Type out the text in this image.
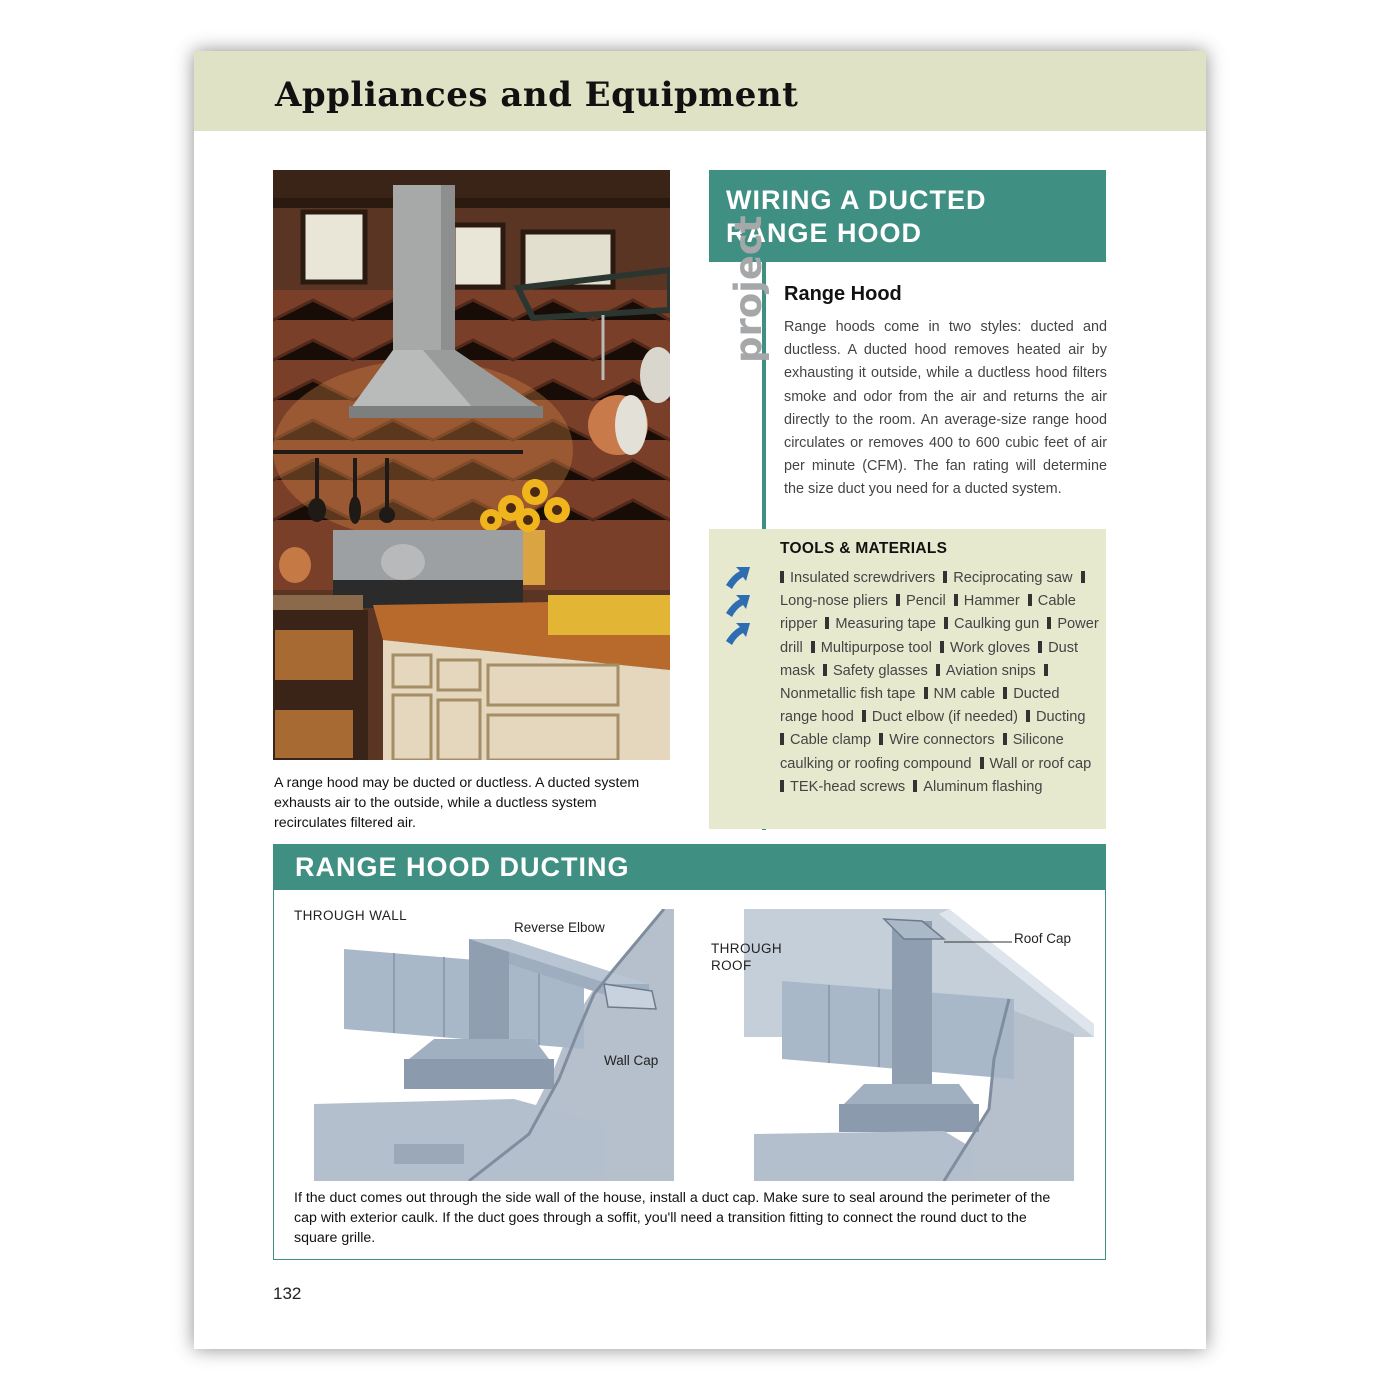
Appliances and Equipment
A range hood may be ducted or ductless. A ducted system exhausts air to the outside, while a ductless system recirculates filtered air.
WIRING A DUCTED
RANGE HOOD
project Range Hood
Range hoods come in two styles: ducted and ductless. A ducted hood removes heated air by exhausting it outside, while a ductless hood filters smoke and odor from the air and returns the air directly to the room. An average-size range hood circulates or removes 400 to 600 cubic feet of air per minute (CFM). The fan rating will determine the size duct you need for a ducted system.
TOOLS & MATERIALS
Insulated screwdrivers Reciprocating saw Long-nose pliers Pencil Hammer Cable ripper Measuring tape Caulking gun Power drill Multipurpose tool Work gloves Dust mask Safety glasses Aviation snips Nonmetallic fish tape NM cable Ducted range hood Duct elbow (if needed) Ducting Cable clamp Wire connectors Silicone caulking or roofing compound Wall or roof cap TEK-head screws Aluminum flashing
RANGE HOOD DUCTING
THROUGH WALL
Reverse Elbow
Wall Cap
THROUGH
ROOF
Roof Cap
If the duct comes out through the side wall of the house, install a duct cap. Make sure to seal around the perimeter of the cap with exterior caulk. If the duct goes through a soffit, you'll need a transition fitting to connect the round duct to the square grille.
132
